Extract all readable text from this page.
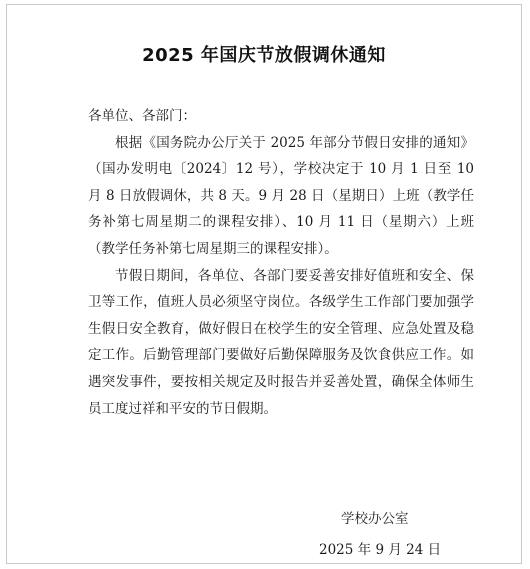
2025 年国庆节放假调休通知

各单位、各部门：

根据《国务院办公厅关于 2025 年部分节假日安排的通知》（国办发明电〔2024〕12 号），学校决定于 10 月 1 日至 10 月 8 日放假调休，共 8 天。9 月 28 日（星期日）上班（教学任务补第七周星期二的课程安排）、10 月 11 日（星期六）上班（教学任务补第七周星期三的课程安排）。

节假日期间，各单位、各部门要妥善安排好值班和安全、保卫等工作，值班人员必须坚守岗位。各级学生工作部门要加强学生假日安全教育，做好假日在校学生的安全管理、应急处置及稳定工作。后勤管理部门要做好后勤保障服务及饮食供应工作。如遇突发事件，要按相关规定及时报告并妥善处置，确保全体师生员工度过祥和平安的节日假期。

学校办公室
2025 年 9 月 24 日
